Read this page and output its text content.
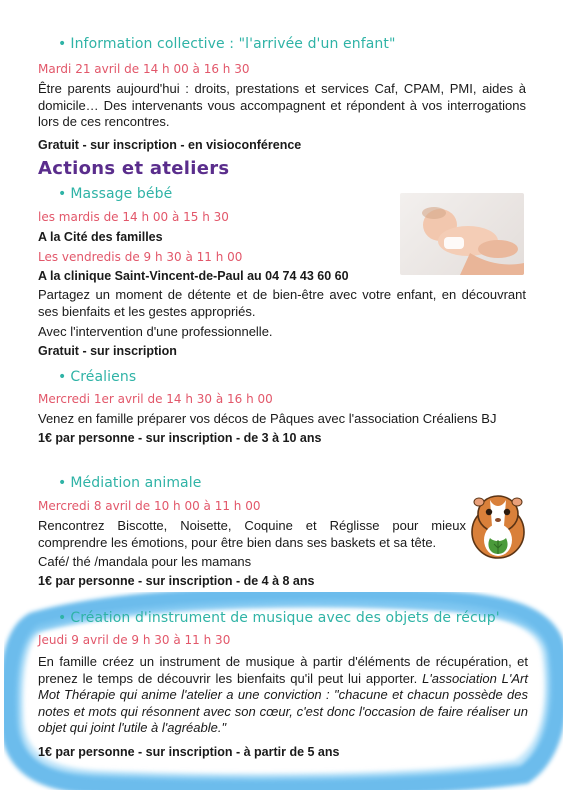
• Information collective : "l'arrivée d'un enfant"
Mardi 21 avril de 14 h 00 à 16 h 30
Être parents aujourd'hui : droits, prestations et services Caf, CPAM, PMI, aides à domicile… Des intervenants vous accompagnent et répondent à vos interrogations lors de ces rencontres.
Gratuit - sur inscription - en visioconférence
Actions et ateliers
• Massage bébé
les mardis de 14 h 00 à 15 h 30
A la Cité des familles
Les vendredis de 9 h 30 à 11 h 00
A la clinique Saint-Vincent-de-Paul au 04 74 43 60 60
Partagez un moment de détente et de bien-être avec votre enfant, en découvrant ses bienfaits et les gestes appropriés.
Avec l'intervention d'une professionnelle.
Gratuit - sur inscription
• Créaliens
Mercredi 1er avril de 14 h 30 à 16 h 00
Venez en famille préparer vos décos de Pâques avec l'association Créaliens BJ
1€ par personne - sur inscription - de 3 à 10 ans
• Médiation animale
Mercredi 8 avril de 10 h 00 à 11 h 00
Rencontrez Biscotte, Noisette, Coquine et Réglisse pour mieux comprendre les émotions, pour être bien dans ses baskets et sa tête.
Café/ thé /mandala pour les mamans
1€ par personne - sur inscription - de 4 à 8 ans
• Création d'instrument de musique avec des objets de récup'
Jeudi 9 avril de 9 h 30 à 11 h 30
En famille créez un instrument de musique à partir d'éléments de récupération, et prenez le temps de découvrir les bienfaits qu'il peut lui apporter. L'association L'Art Mot Thérapie qui anime l'atelier a une conviction : "chacune et chacun possède des notes et mots qui résonnent avec son cœur, c'est donc l'occasion de faire réaliser un objet qui joint l'utile à l'agréable."
1€ par personne - sur inscription - à partir de 5 ans
